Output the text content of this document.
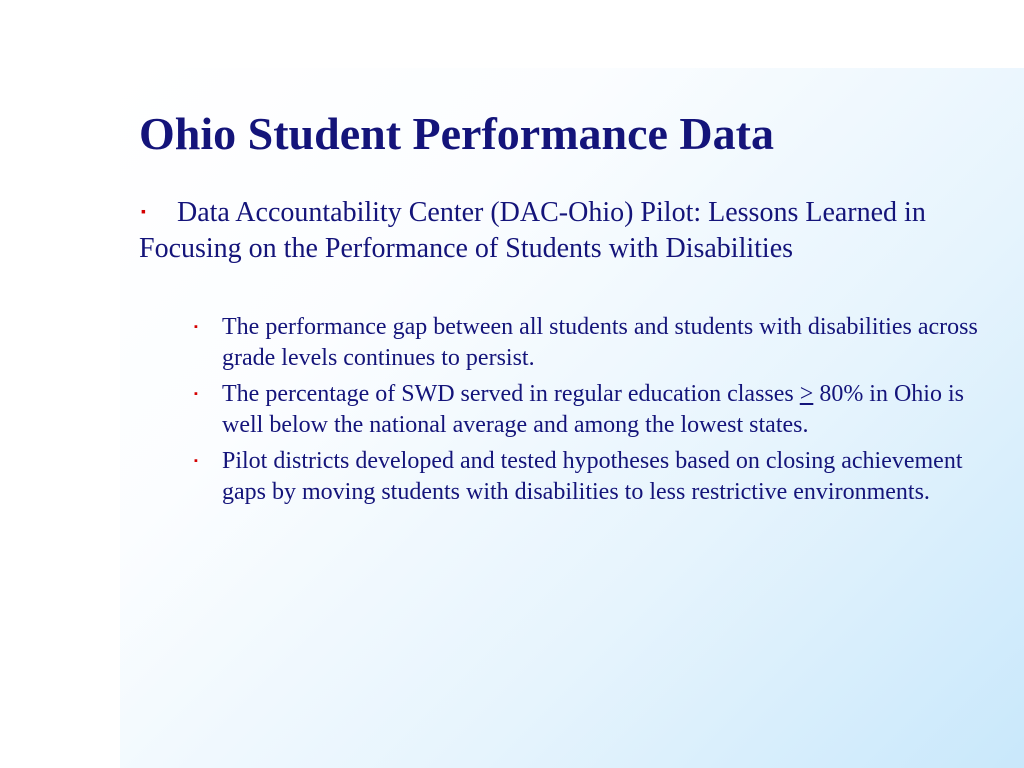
Ohio Student Performance Data
▪ Data Accountability Center (DAC-Ohio) Pilot: Lessons Learned in Focusing on the Performance of Students with Disabilities
▪ The performance gap between all students and students with disabilities across grade levels continues to persist.
▪ The percentage of SWD served in regular education classes ≥ 80% in Ohio is well below the national average and among the lowest states.
▪ Pilot districts developed and tested hypotheses based on closing achievement gaps by moving students with disabilities to less restrictive environments.
